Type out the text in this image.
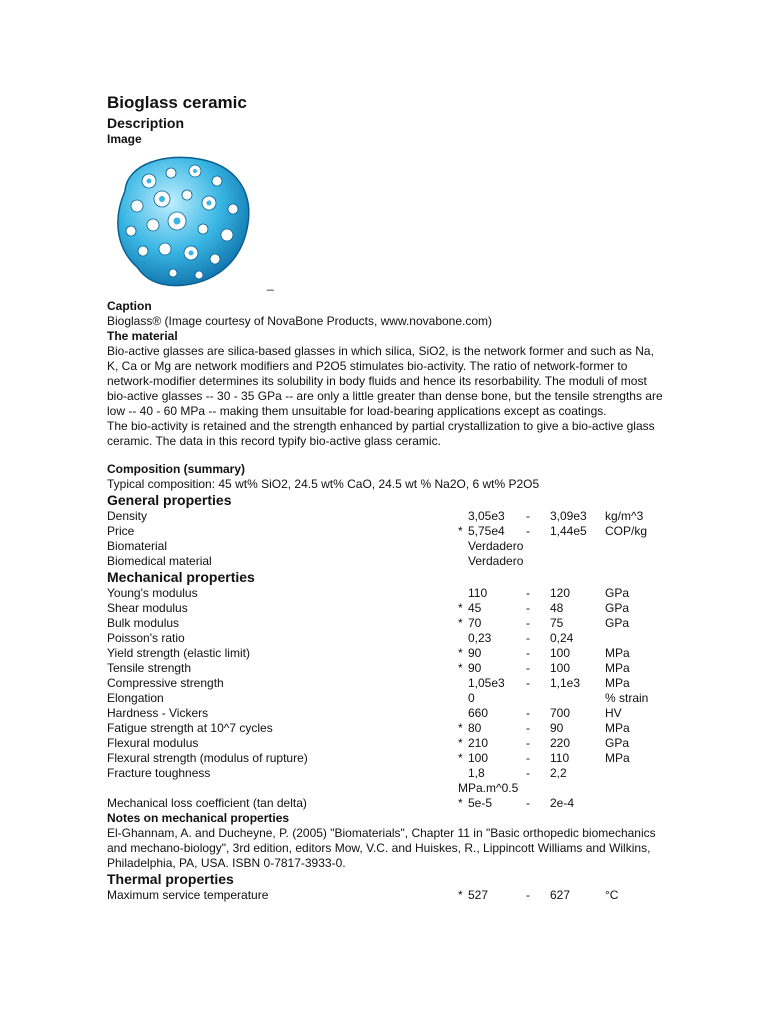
Bioglass ceramic
Description
Image
_
Caption

Bioglass® (Image courtesy of NovaBone Products, www.novabone.com)

The material

Bio-active glasses are silica-based glasses in which silica, SiO2, is the network former and such as Na, K, Ca or Mg are network modifiers and P2O5 stimulates bio-activity. The ratio of network-former to network-modifier determines its solubility in body fluids and hence its resorbability. The moduli of most bio-active glasses -- 30 - 35 GPa -- are only a little greater than dense bone, but the tensile strengths are low -- 40 - 60 MPa -- making them unsuitable for load-bearing applications except as coatings.

The bio-activity is retained and the strength enhanced by partial crystallization to give a bio-active glass ceramic. The data in this record typify bio-active glass ceramic.

Composition (summary)

Typical composition: 45 wt% SiO2, 24.5 wt% CaO, 24.5 wt % Na2O, 6 wt% P2O5

General properties
Density	3,05e3 - 3,09e3 kg/m^3
Price	* 5,75e4 - 1,44e5 COP/kg
Biomaterial	Verdadero
Biomedical material	Verdadero
Mechanical properties
Young's modulus	110	- 120	GPa
Shear modulus	* 45	- 48	GPa
Bulk modulus	* 70	- 75	GPa
Poisson's ratio	0,23	- 0,24
Yield strength (elastic limit)	* 90	- 100	MPa
Tensile strength	* 90	- 100	MPa
Compressive strength	1,05e3 - 1,1e3 MPa
Elongation	0	% strain
Hardness - Vickers	660	- 700	HV
Fatigue strength at 10^7 cycles	* 80	- 90	MPa
Flexural modulus	* 210	- 220	GPa
Flexural strength (modulus of rupture)	* 100	- 110	MPa
Fracture toughness	1,8	- 2,2
MPa.m^0.5
Mechanical loss coefficient (tan delta)	* 5e-5	- 2e-4
Notes on mechanical properties

El-Ghannam, A. and Ducheyne, P. (2005) "Biomaterials", Chapter 11 in "Basic orthopedic biomechanics and mechano-biology", 3rd edition, editors Mow, V.C. and Huiskes, R., Lippincott Williams and Wilkins, Philadelphia, PA, USA. ISBN 0-7817-3933-0.

Thermal properties
Maximum service temperature	* 527	- 627	°C
